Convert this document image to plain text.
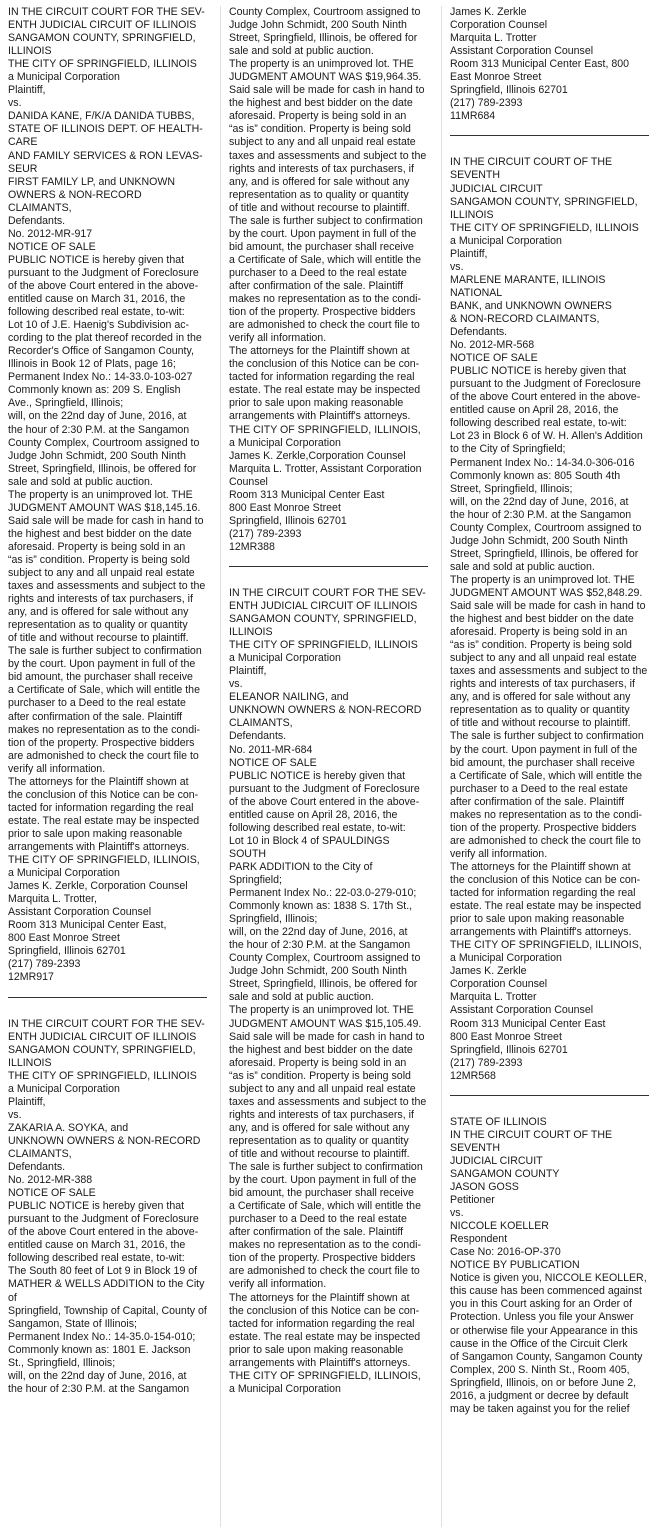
IN THE CIRCUIT COURT FOR THE SEV-

ENTH JUDICIAL CIRCUIT OF ILLINOIS

SANGAMON COUNTY, SPRINGFIELD,

ILLINOIS

THE CITY OF SPRINGFIELD, ILLINOIS

a Municipal Corporation

Plaintiff,

vs.

DANIDA KANE, F/K/A DANIDA TUBBS,

STATE OF ILLINOIS DEPT. OF HEALTH-

CARE

AND FAMILY SERVICES & RON LEVAS-

SEUR

FIRST FAMILY LP, and UNKNOWN

OWNERS & NON-RECORD CLAIMANTS,

Defendants.

No. 2012-MR-917

NOTICE OF SALE

PUBLIC NOTICE is hereby given that

pursuant to the Judgment of Foreclosure

of the above Court entered in the above-

entitled cause on March 31, 2016, the

following described real estate, to-wit:

Lot 10 of J.E. Haenig's Subdivision ac-

cording to the plat thereof recorded in the

Recorder's Office of Sangamon County,

Illinois in Book 12 of Plats, page 16;

Permanent Index No.: 14-33.0-103-027

Commonly known as: 209 S. English

Ave., Springfield, Illinois;

will, on the 22nd day of June, 2016, at

the hour of 2:30 P.M. at the Sangamon

County Complex, Courtroom assigned to

Judge John Schmidt, 200 South Ninth

Street, Springfield, Illinois, be offered for

sale and sold at public auction.

The property is an unimproved lot. THE

JUDGMENT AMOUNT WAS $18,145.16.

Said sale will be made for cash in hand to

the highest and best bidder on the date

aforesaid. Property is being sold in an

“as is” condition. Property is being sold

subject to any and all unpaid real estate

taxes and assessments and subject to the

rights and interests of tax purchasers, if

any, and is offered for sale without any

representation as to quality or quantity

of title and without recourse to plaintiff.

The sale is further subject to confirmation

by the court. Upon payment in full of the

bid amount, the purchaser shall receive

a Certificate of Sale, which will entitle the

purchaser to a Deed to the real estate

after confirmation of the sale. Plaintiff

makes no representation as to the condi-

tion of the property. Prospective bidders

are admonished to check the court file to

verify all information.

The attorneys for the Plaintiff shown at

the conclusion of this Notice can be con-

tacted for information regarding the real

estate. The real estate may be inspected

prior to sale upon making reasonable

arrangements with Plaintiff's attorneys.

THE CITY OF SPRINGFIELD, ILLINOIS,

a Municipal Corporation

James K. Zerkle, Corporation Counsel

Marquita L. Trotter,

Assistant Corporation Counsel

Room 313 Municipal Center East,

800 East Monroe Street

Springfield, Illinois 62701

(217) 789-2393

12MR917

IN THE CIRCUIT COURT FOR THE SEV-

ENTH JUDICIAL CIRCUIT OF ILLINOIS

SANGAMON COUNTY, SPRINGFIELD,

ILLINOIS

THE CITY OF SPRINGFIELD, ILLINOIS

a Municipal Corporation

Plaintiff,

vs.

ZAKARIA A. SOYKA, and

UNKNOWN OWNERS & NON-RECORD

CLAIMANTS,

Defendants.

No. 2012-MR-388

NOTICE OF SALE

PUBLIC NOTICE is hereby given that

pursuant to the Judgment of Foreclosure

of the above Court entered in the above-

entitled cause on March 31, 2016, the

following described real estate, to-wit:

The South 80 feet of Lot 9 in Block 19 of

MATHER & WELLS ADDITION to the City of

Springfield, Township of Capital, County of

Sangamon, State of Illinois;

Permanent Index No.: 14-35.0-154-010;

Commonly known as: 1801 E. Jackson

St., Springfield, Illinois;

will, on the 22nd day of June, 2016, at

the hour of 2:30 P.M. at the Sangamon

County Complex, Courtroom assigned to

Judge John Schmidt, 200 South Ninth

Street, Springfield, Illinois, be offered for

sale and sold at public auction.

The property is an unimproved lot. THE

JUDGMENT AMOUNT WAS $19,964.35.

Said sale will be made for cash in hand to

the highest and best bidder on the date

aforesaid. Property is being sold in an

“as is” condition. Property is being sold

subject to any and all unpaid real estate

taxes and assessments and subject to the

rights and interests of tax purchasers, if

any, and is offered for sale without any

representation as to quality or quantity

of title and without recourse to plaintiff.

The sale is further subject to confirmation

by the court. Upon payment in full of the

bid amount, the purchaser shall receive

a Certificate of Sale, which will entitle the

purchaser to a Deed to the real estate

after confirmation of the sale. Plaintiff

makes no representation as to the condi-

tion of the property. Prospective bidders

are admonished to check the court file to

verify all information.

The attorneys for the Plaintiff shown at

the conclusion of this Notice can be con-

tacted for information regarding the real

estate. The real estate may be inspected

prior to sale upon making reasonable

arrangements with Plaintiff's attorneys.

THE CITY OF SPRINGFIELD, ILLINOIS,

a Municipal Corporation

James K. Zerkle,Corporation Counsel

Marquita L. Trotter, Assistant Corporation

Counsel

Room 313 Municipal Center East

800 East Monroe Street

Springfield, Illinois 62701

(217) 789-2393

12MR388

IN THE CIRCUIT COURT FOR THE SEV-

ENTH JUDICIAL CIRCUIT OF ILLINOIS

SANGAMON COUNTY, SPRINGFIELD,

ILLINOIS

THE CITY OF SPRINGFIELD, ILLINOIS

a Municipal Corporation

Plaintiff,

vs.

ELEANOR NAILING, and

UNKNOWN OWNERS & NON-RECORD

CLAIMANTS,

Defendants.

No. 2011-MR-684

NOTICE OF SALE

PUBLIC NOTICE is hereby given that

pursuant to the Judgment of Foreclosure

of the above Court entered in the above-

entitled cause on April 28, 2016, the

following described real estate, to-wit:

Lot 10 in Block 4 of SPAULDINGS SOUTH

PARK ADDITION to the City of Springfield;

Permanent Index No.: 22-03.0-279-010;

Commonly known as: 1838 S. 17th St.,

Springfield, Illinois;

will, on the 22nd day of June, 2016, at

the hour of 2:30 P.M. at the Sangamon

County Complex, Courtroom assigned to

Judge John Schmidt, 200 South Ninth

Street, Springfield, Illinois, be offered for

sale and sold at public auction.

The property is an unimproved lot. THE

JUDGMENT AMOUNT WAS $15,105.49.

Said sale will be made for cash in hand to

the highest and best bidder on the date

aforesaid. Property is being sold in an

“as is” condition. Property is being sold

subject to any and all unpaid real estate

taxes and assessments and subject to the

rights and interests of tax purchasers, if

any, and is offered for sale without any

representation as to quality or quantity

of title and without recourse to plaintiff.

The sale is further subject to confirmation

by the court. Upon payment in full of the

bid amount, the purchaser shall receive

a Certificate of Sale, which will entitle the

purchaser to a Deed to the real estate

after confirmation of the sale. Plaintiff

makes no representation as to the condi-

tion of the property. Prospective bidders

are admonished to check the court file to

verify all information.

The attorneys for the Plaintiff shown at

the conclusion of this Notice can be con-

tacted for information regarding the real

estate. The real estate may be inspected

prior to sale upon making reasonable

arrangements with Plaintiff's attorneys.

THE CITY OF SPRINGFIELD, ILLINOIS,

a Municipal Corporation

James K. Zerkle

Corporation Counsel

Marquita L. Trotter

Assistant Corporation Counsel

Room 313 Municipal Center East, 800

East Monroe Street

Springfield, Illinois 62701

(217) 789-2393

11MR684

IN THE CIRCUIT COURT OF THE SEVENTH

JUDICIAL CIRCUIT

SANGAMON COUNTY, SPRINGFIELD,

ILLINOIS

THE CITY OF SPRINGFIELD, ILLINOIS

a Municipal Corporation

Plaintiff,

vs.

MARLENE MARANTE, ILLINOIS NATIONAL

BANK, and UNKNOWN OWNERS

& NON-RECORD CLAIMANTS,

Defendants.

No. 2012-MR-568

NOTICE OF SALE

PUBLIC NOTICE is hereby given that

pursuant to the Judgment of Foreclosure

of the above Court entered in the above-

entitled cause on April 28, 2016, the

following described real estate, to-wit:

Lot 23 in Block 6 of W. H. Allen's Addition

to the City of Springfield;

Permanent Index No.: 14-34.0-306-016

Commonly known as: 805 South 4th

Street, Springfield, Illinois;

will, on the 22nd day of June, 2016, at

the hour of 2:30 P.M. at the Sangamon

County Complex, Courtroom assigned to

Judge John Schmidt, 200 South Ninth

Street, Springfield, Illinois, be offered for

sale and sold at public auction.

The property is an unimproved lot. THE

JUDGMENT AMOUNT WAS $52,848.29.

Said sale will be made for cash in hand to

the highest and best bidder on the date

aforesaid. Property is being sold in an

“as is” condition. Property is being sold

subject to any and all unpaid real estate

taxes and assessments and subject to the

rights and interests of tax purchasers, if

any, and is offered for sale without any

representation as to quality or quantity

of title and without recourse to plaintiff.

The sale is further subject to confirmation

by the court. Upon payment in full of the

bid amount, the purchaser shall receive

a Certificate of Sale, which will entitle the

purchaser to a Deed to the real estate

after confirmation of the sale. Plaintiff

makes no representation as to the condi-

tion of the property. Prospective bidders

are admonished to check the court file to

verify all information.

The attorneys for the Plaintiff shown at

the conclusion of this Notice can be con-

tacted for information regarding the real

estate. The real estate may be inspected

prior to sale upon making reasonable

arrangements with Plaintiff's attorneys.

THE CITY OF SPRINGFIELD, ILLINOIS,

a Municipal Corporation

James K. Zerkle

Corporation Counsel

Marquita L. Trotter

Assistant Corporation Counsel

Room 313 Municipal Center East

800 East Monroe Street

Springfield, Illinois 62701

(217) 789-2393

12MR568

STATE OF ILLINOIS

IN THE CIRCUIT COURT OF THE SEVENTH

JUDICIAL CIRCUIT

SANGAMON COUNTY

JASON GOSS

Petitioner

vs.

NICCOLE KOELLER

Respondent

Case No: 2016-OP-370

NOTICE BY PUBLICATION

Notice is given you, NICCOLE KEOLLER,

this cause has been commenced against

you in this Court asking for an Order of

Protection. Unless you file your Answer

or otherwise file your Appearance in this

cause in the Office of the Circuit Clerk

of Sangamon County, Sangamon County

Complex, 200 S. Ninth St., Room 405,

Springfield, Illinois, on or before June 2,

2016, a judgment or decree by default

may be taken against you for the relief
